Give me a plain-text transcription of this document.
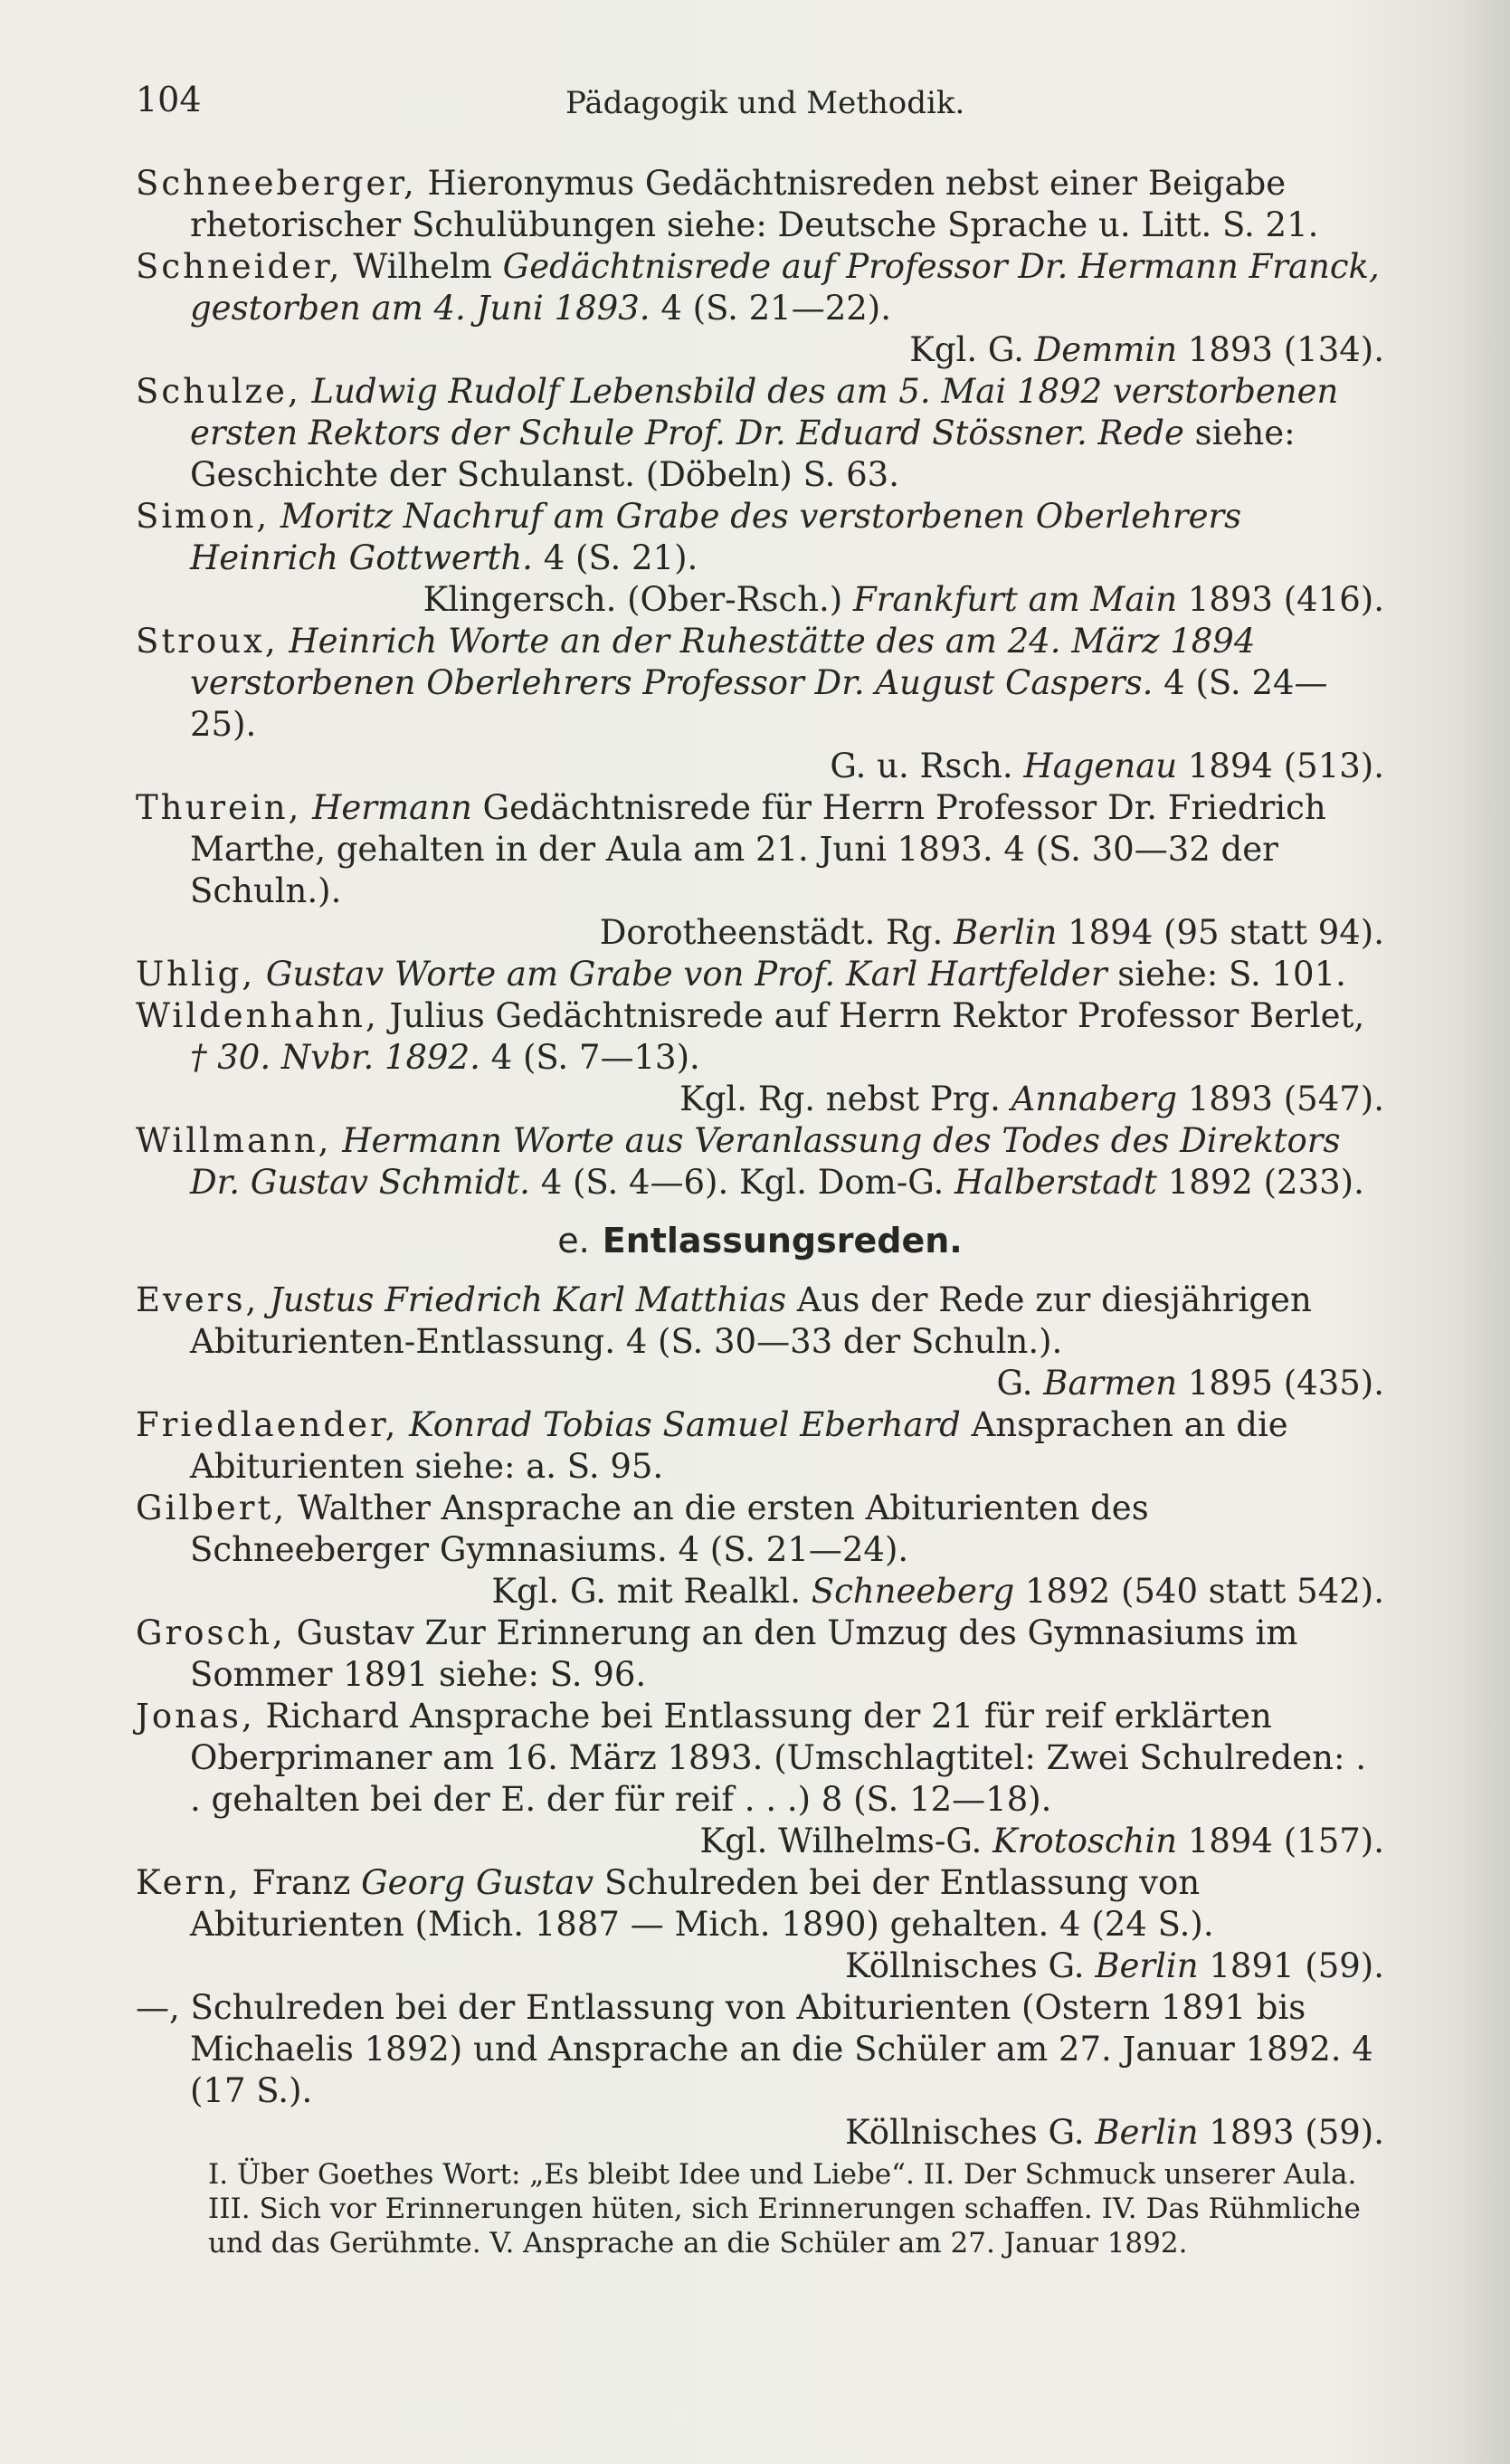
104	Pädagogik und Methodik.

Schneeberger, Hieronymus Gedächtnisreden nebst einer Beigabe rhetorischer Schulübungen siehe: Deutsche Sprache u. Litt. S. 21.

Schneider, Wilhelm Gedächtnisrede auf Professor Dr. Hermann Franck, gestorben am 4. Juni 1893. 4 (S. 21—22).

Kgl. G. Demmin 1893 (134).

Schulze, Ludwig Rudolf Lebensbild des am 5. Mai 1892 verstorbenen ersten Rektors der Schule Prof. Dr. Eduard Stössner. Rede siehe: Geschichte der Schulanst. (Döbeln) S. 63.

Simon, Moritz Nachruf am Grabe des verstorbenen Oberlehrers Heinrich Gottwerth. 4 (S. 21).

Klingersch. (Ober-Rsch.) Frankfurt am Main 1893 (416).

Stroux, Heinrich Worte an der Ruhestätte des am 24. März 1894 verstorbenen Oberlehrers Professor Dr. August Caspers. 4 (S. 24—25).

G. u. Rsch. Hagenau 1894 (513).

Thurein, Hermann Gedächtnisrede für Herrn Professor Dr. Friedrich Marthe, gehalten in der Aula am 21. Juni 1893. 4 (S. 30—32 der Schuln.).

Dorotheenstädt. Rg. Berlin 1894 (95 statt 94).

Uhlig, Gustav Worte am Grabe von Prof. Karl Hartfelder siehe: S. 101.

Wildenhahn, Julius Gedächtnisrede auf Herrn Rektor Professor Berlet, † 30. Nvbr. 1892. 4 (S. 7—13).

Kgl. Rg. nebst Prg. Annaberg 1893 (547).

Willmann, Hermann Worte aus Veranlassung des Todes des Direktors Dr. Gustav Schmidt. 4 (S. 4—6). Kgl. Dom-G. Halberstadt 1892 (233).

e. Entlassungsreden.

Evers, Justus Friedrich Karl Matthias Aus der Rede zur diesjährigen Abiturienten-Entlassung. 4 (S. 30—33 der Schuln.).

G. Barmen 1895 (435).

Friedlaender, Konrad Tobias Samuel Eberhard Ansprachen an die Abiturienten siehe: a. S. 95.

Gilbert, Walther Ansprache an die ersten Abiturienten des Schneeberger Gymnasiums. 4 (S. 21—24).

Kgl. G. mit Realkl. Schneeberg 1892 (540 statt 542).

Grosch, Gustav Zur Erinnerung an den Umzug des Gymnasiums im Sommer 1891 siehe: S. 96.

Jonas, Richard Ansprache bei Entlassung der 21 für reif erklärten Oberprimaner am 16. März 1893. (Umschlagtitel: Zwei Schulreden: . . gehalten bei der E. der für reif . . .) 8 (S. 12—18).

Kgl. Wilhelms-G. Krotoschin 1894 (157).

Kern, Franz Georg Gustav Schulreden bei der Entlassung von Abiturienten (Mich. 1887 — Mich. 1890) gehalten. 4 (24 S.).

Köllnisches G. Berlin 1891 (59).

—, Schulreden bei der Entlassung von Abiturienten (Ostern 1891 bis Michaelis 1892) und Ansprache an die Schüler am 27. Januar 1892. 4 (17 S.).

Köllnisches G. Berlin 1893 (59).

I. Über Goethes Wort: „Es bleibt Idee und Liebe“. II. Der Schmuck unserer Aula. III. Sich vor Erinnerungen hüten, sich Erinnerungen schaffen. IV. Das Rühmliche und das Gerühmte. V. Ansprache an die Schüler am 27. Januar 1892.
